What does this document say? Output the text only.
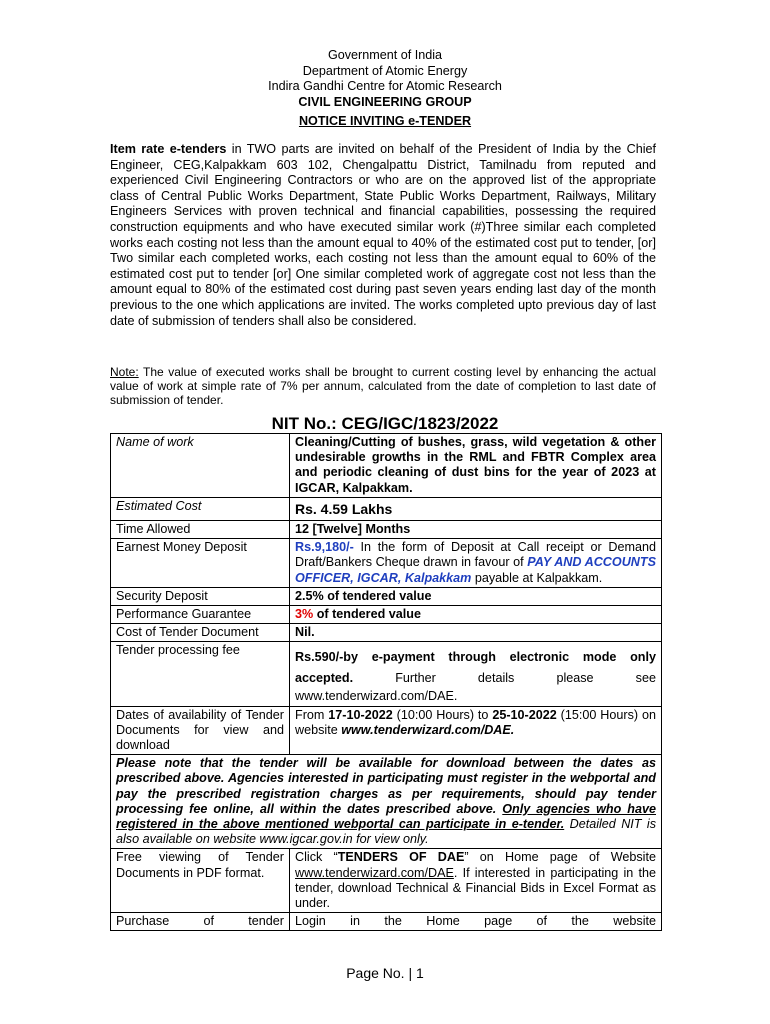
Government of India
Department of Atomic Energy
Indira Gandhi Centre for Atomic Research
CIVIL ENGINEERING GROUP
NOTICE INVITING e-TENDER
Item rate e-tenders in TWO parts are invited on behalf of the President of India by the Chief Engineer, CEG,Kalpakkam 603 102, Chengalpattu District, Tamilnadu from reputed and experienced Civil Engineering Contractors or who are on the approved list of the appropriate class of Central Public Works Department, State Public Works Department, Railways, Military Engineers Services with proven technical and financial capabilities, possessing the required construction equipments and who have executed similar work (#)Three similar each completed works each costing not less than the amount equal to 40% of the estimated cost put to tender, [or] Two similar each completed works, each costing not less than the amount equal to 60% of the estimated cost put to tender [or] One similar completed work of aggregate cost not less than the amount equal to 80% of the estimated cost during past seven years ending last day of the month previous to the one which applications are invited. The works completed upto previous day of last date of submission of tenders shall also be considered.
Note: The value of executed works shall be brought to current costing level by enhancing the actual value of work at simple rate of 7% per annum, calculated from the date of completion to last date of submission of tender.
NIT No.: CEG/IGC/1823/2022
Name of work	Cleaning/Cutting of bushes, grass, wild vegetation & other undesirable growths in the RML and FBTR Complex area and periodic cleaning of dust bins for the year of 2023 at IGCAR, Kalpakkam.
Estimated Cost	Rs. 4.59 Lakhs
Time Allowed	12 [Twelve] Months
Earnest Money Deposit	Rs.9,180/- In the form of Deposit at Call receipt or Demand Draft/Bankers Cheque drawn in favour of PAY AND ACCOUNTS OFFICER, IGCAR, Kalpakkam payable at Kalpakkam.
Security Deposit	2.5% of tendered value
Performance Guarantee	3% of tendered value
Cost of Tender Document	Nil.
Tender processing fee	Rs.590/-by e-payment through electronic mode only accepted. Further details please see www.tenderwizard.com/DAE.
Dates of availability of Tender Documents for view and download	From 17-10-2022 (10:00 Hours) to 25-10-2022 (15:00 Hours) on website www.tenderwizard.com/DAE.
Please note that the tender will be available for download between the dates as prescribed above. Agencies interested in participating must register in the webportal and pay the prescribed registration charges as per requirements, should pay tender processing fee online, all within the dates prescribed above. Only agencies who have registered in the above mentioned webportal can participate in e-tender. Detailed NIT is also available on website www.igcar.gov.in for view only.	
Free viewing of Tender Documents in PDF format.	Click “TENDERS OF DAE” on Home page of Website www.tenderwizard.com/DAE. If interested in participating in the tender, download Technical & Financial Bids in Excel Format as under.
Purchase of tender	Login in the Home page of the website
Page No. | 1
